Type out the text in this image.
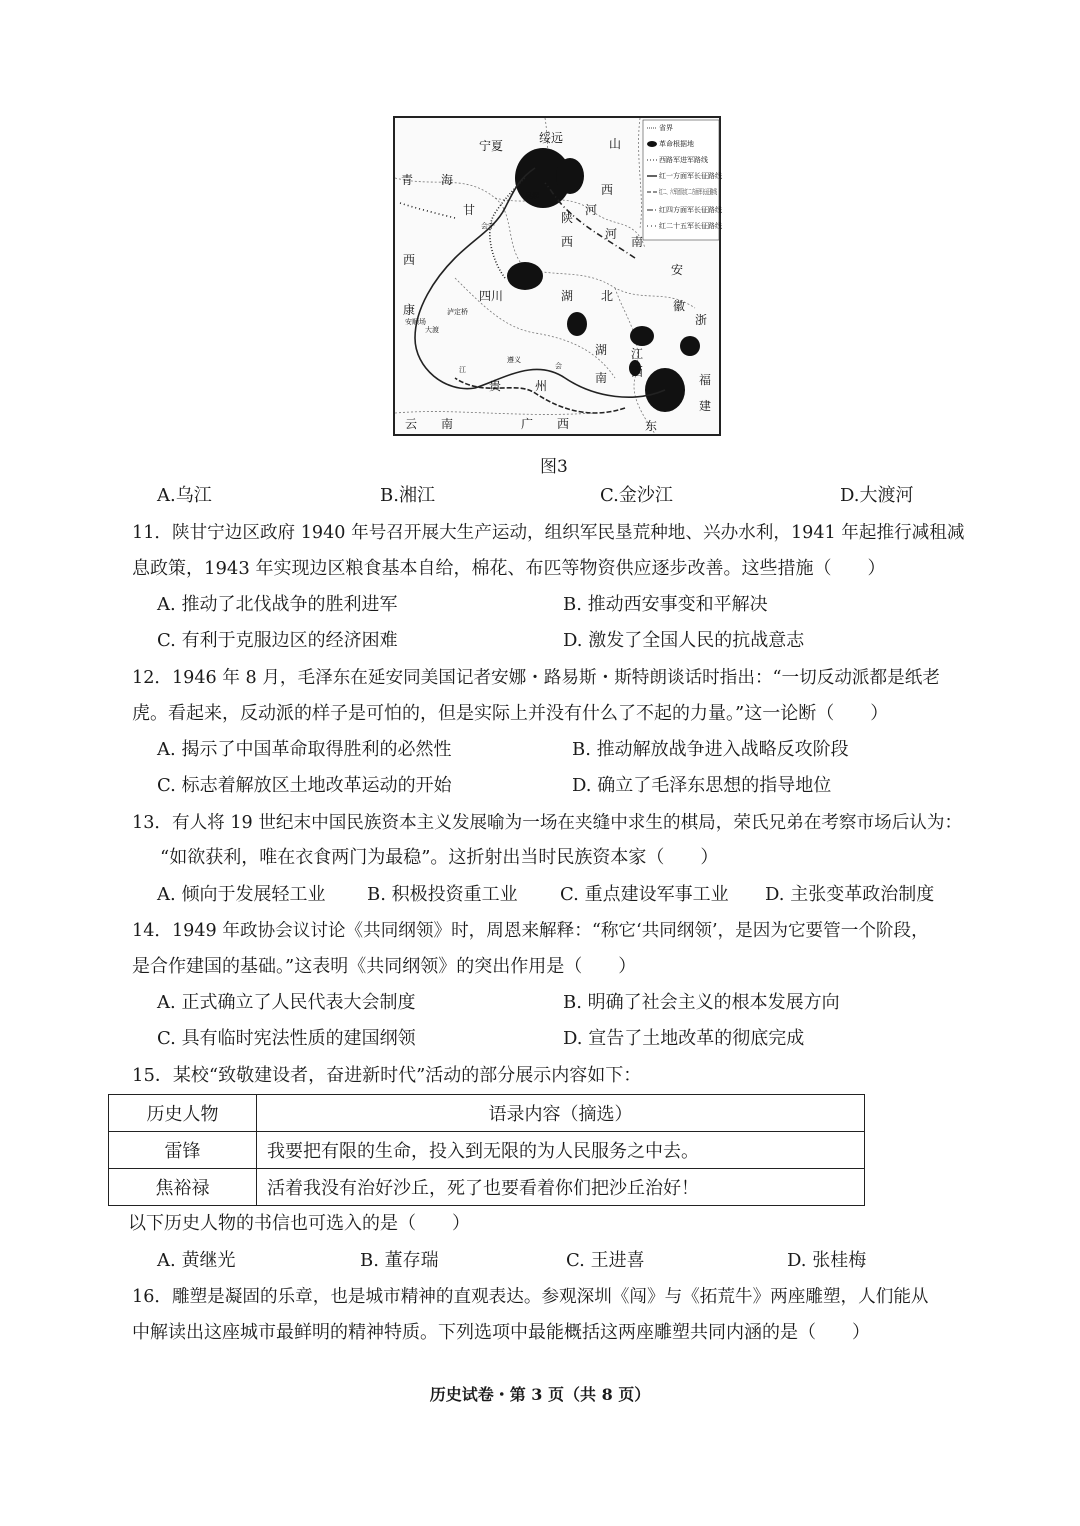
宁夏
绥远	山
西
青 海
甘
陕
西
河
河
南
安
西
康
四川	湖 北
浙
徽
湖
南
江
西
福
建
贵	州
云　　南	广　　西	东
安顺场
泸定桥
大渡
吴起
会宁
遵义
江	会
省界
革命根据地
西路军进军路线
红一方面军长征路线
红二、六军团及红二方面军长征路线
红四方面军长征路线
红二十五军长征路线
图3
A.乌江	B.湘江	C.金沙江	D.大渡河
11．陕甘宁边区政府 1940 年号召开展大生产运动，组织军民垦荒种地、兴办水利，1941 年起推行减租减
息政策，1943 年实现边区粮食基本自给，棉花、布匹等物资供应逐步改善。这些措施（　　）
A. 推动了北伐战争的胜利进军	B. 推动西安事变和平解决
C. 有利于克服边区的经济困难	D. 激发了全国人民的抗战意志
12．1946 年 8 月，毛泽东在延安同美国记者安娜・路易斯・斯特朗谈话时指出：“一切反动派都是纸老
虎。看起来，反动派的样子是可怕的，但是实际上并没有什么了不起的力量。”这一论断（　　）
A. 揭示了中国革命取得胜利的必然性	B. 推动解放战争进入战略反攻阶段
C. 标志着解放区土地改革运动的开始	D. 确立了毛泽东思想的指导地位
13．有人将 19 世纪末中国民族资本主义发展喻为一场在夹缝中求生的棋局，荣氏兄弟在考察市场后认为：
“如欲获利，唯在衣食两门为最稳”。这折射出当时民族资本家（　　）
A. 倾向于发展轻工业 B. 积极投资重工业 C. 重点建设军事工业 D. 主张变革政治制度
14．1949 年政协会议讨论《共同纲领》时，周恩来解释：“称它‘共同纲领’，是因为它要管一个阶段，
是合作建国的基础。”这表明《共同纲领》的突出作用是（　　）
A. 正式确立了人民代表大会制度	B. 明确了社会主义的根本发展方向
C. 具有临时宪法性质的建国纲领	D. 宣告了土地改革的彻底完成
15．某校“致敬建设者，奋进新时代”活动的部分展示内容如下：
历史人物	语录内容（摘选）
雷锋	我要把有限的生命，投入到无限的为人民服务之中去。
焦裕禄	活着我没有治好沙丘，死了也要看着你们把沙丘治好！
以下历史人物的书信也可选入的是（　　）
A. 黄继光	B. 董存瑞	C. 王进喜	D. 张桂梅
16．雕塑是凝固的乐章，也是城市精神的直观表达。参观深圳《闯》与《拓荒牛》两座雕塑，人们能从
中解读出这座城市最鲜明的精神特质。下列选项中最能概括这两座雕塑共同内涵的是（　　）
历史试卷・第 3 页（共 8 页）
